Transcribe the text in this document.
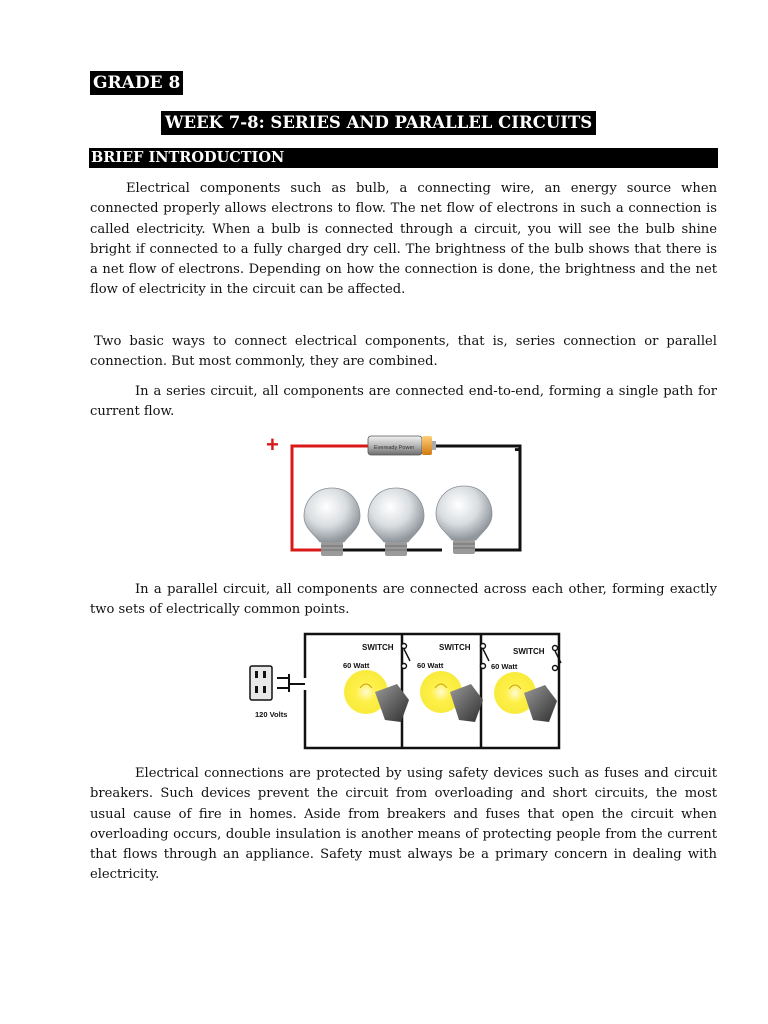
GRADE 8
WEEK 7-8: SERIES AND PARALLEL CIRCUITS
BRIEF INTRODUCTION

Electrical components such as bulb, a connecting wire, an energy source when connected properly allows electrons to flow. The net flow of electrons in such a connection is called electricity. When a bulb is connected through a circuit, you will see the bulb shine bright if connected to a fully charged dry cell. The brightness of the bulb shows that there is a net flow of electrons. Depending on how the connection is done, the brightness and the net flow of electricity in the circuit can be affected.

Two basic ways to connect electrical components, that is, series connection or parallel connection. But most commonly, they are combined.

In a series circuit, all components are connected end-to-end, forming a single path for current flow.

+	-
Eveready Power

In a parallel circuit, all components are connected across each other, forming exactly two sets of electrically common points.

120 Volts
SWITCH	SWITCH	SWITCH
60 Watt	60 Watt	60 Watt

Electrical connections are protected by using safety devices such as fuses and circuit breakers. Such devices prevent the circuit from overloading and short circuits, the most usual cause of fire in homes. Aside from breakers and fuses that open the circuit when overloading occurs, double insulation is another means of protecting people from the current that flows through an appliance. Safety must always be a primary concern in dealing with electricity.
